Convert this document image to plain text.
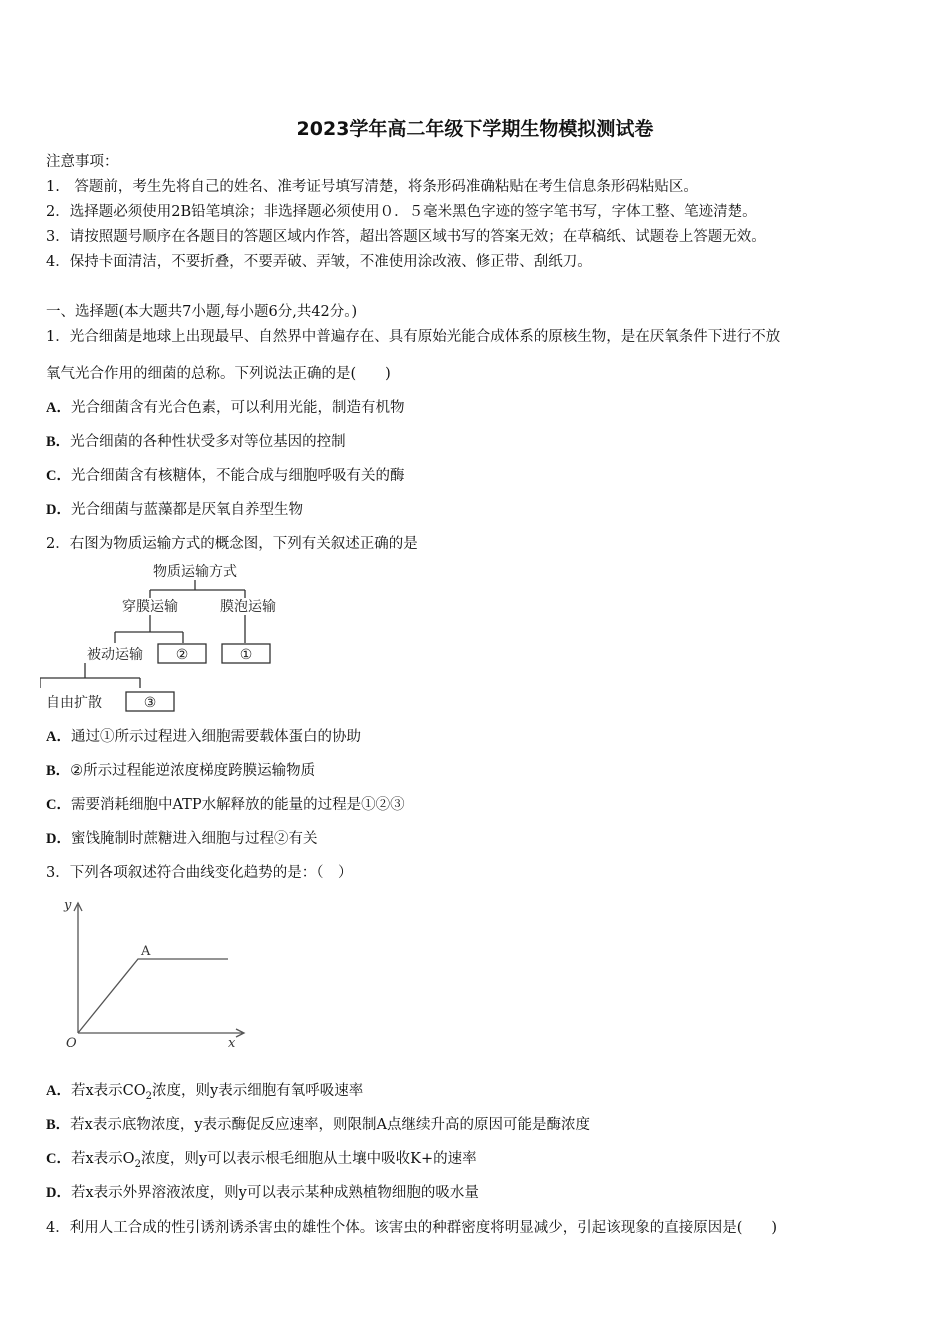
2023学年高二年级下学期生物模拟测试卷
注意事项：
1.　答题前，考生先将自己的姓名、准考证号填写清楚，将条形码准确粘贴在考生信息条形码粘贴区。
2．选择题必须使用2B铅笔填涂；非选择题必须使用０．５毫米黑色字迹的签字笔书写，字体工整、笔迹清楚。
3．请按照题号顺序在各题目的答题区域内作答，超出答题区域书写的答案无效；在草稿纸、试题卷上答题无效。
4．保持卡面清洁，不要折叠，不要弄破、弄皱，不准使用涂改液、修正带、刮纸刀。
一、选择题(本大题共7小题,每小题6分,共42分。)
1．光合细菌是地球上出现最早、自然界中普遍存在、具有原始光能合成体系的原核生物，是在厌氧条件下进行不放
氧气光合作用的细菌的总称。下列说法正确的是(　　)
A．光合细菌含有光合色素，可以利用光能，制造有机物
B．光合细菌的各种性状受多对等位基因的控制
C．光合细菌含有核糖体，不能合成与细胞呼吸有关的酶
D．光合细菌与蓝藻都是厌氧自养型生物
2．右图为物质运输方式的概念图，下列有关叙述正确的是
物质运输方式
穿膜运输	膜泡运输
被动运输 ②	①
自由扩散	③
A．通过①所示过程进入细胞需要载体蛋白的协助
B．②所示过程能逆浓度梯度跨膜运输物质
C．需要消耗细胞中ATP水解释放的能量的过程是①②③
D．蜜饯腌制时蔗糖进入细胞与过程②有关
3．下列各项叙述符合曲线变化趋势的是：（　）
y
x
O
A
A．若x表示$CO_2$浓度，则y表示细胞有氧呼吸速率
B．若x表示底物浓度，y表示酶促反应速率，则限制A点继续升高的原因可能是酶浓度
C．若x表示$O_2$浓度，则y可以表示根毛细胞从土壤中吸收K+的速率
D．若x表示外界溶液浓度，则y可以表示某种成熟植物细胞的吸水量
4．利用人工合成的性引诱剂诱杀害虫的雄性个体。该害虫的种群密度将明显减少，引起该现象的直接原因是(　　)
